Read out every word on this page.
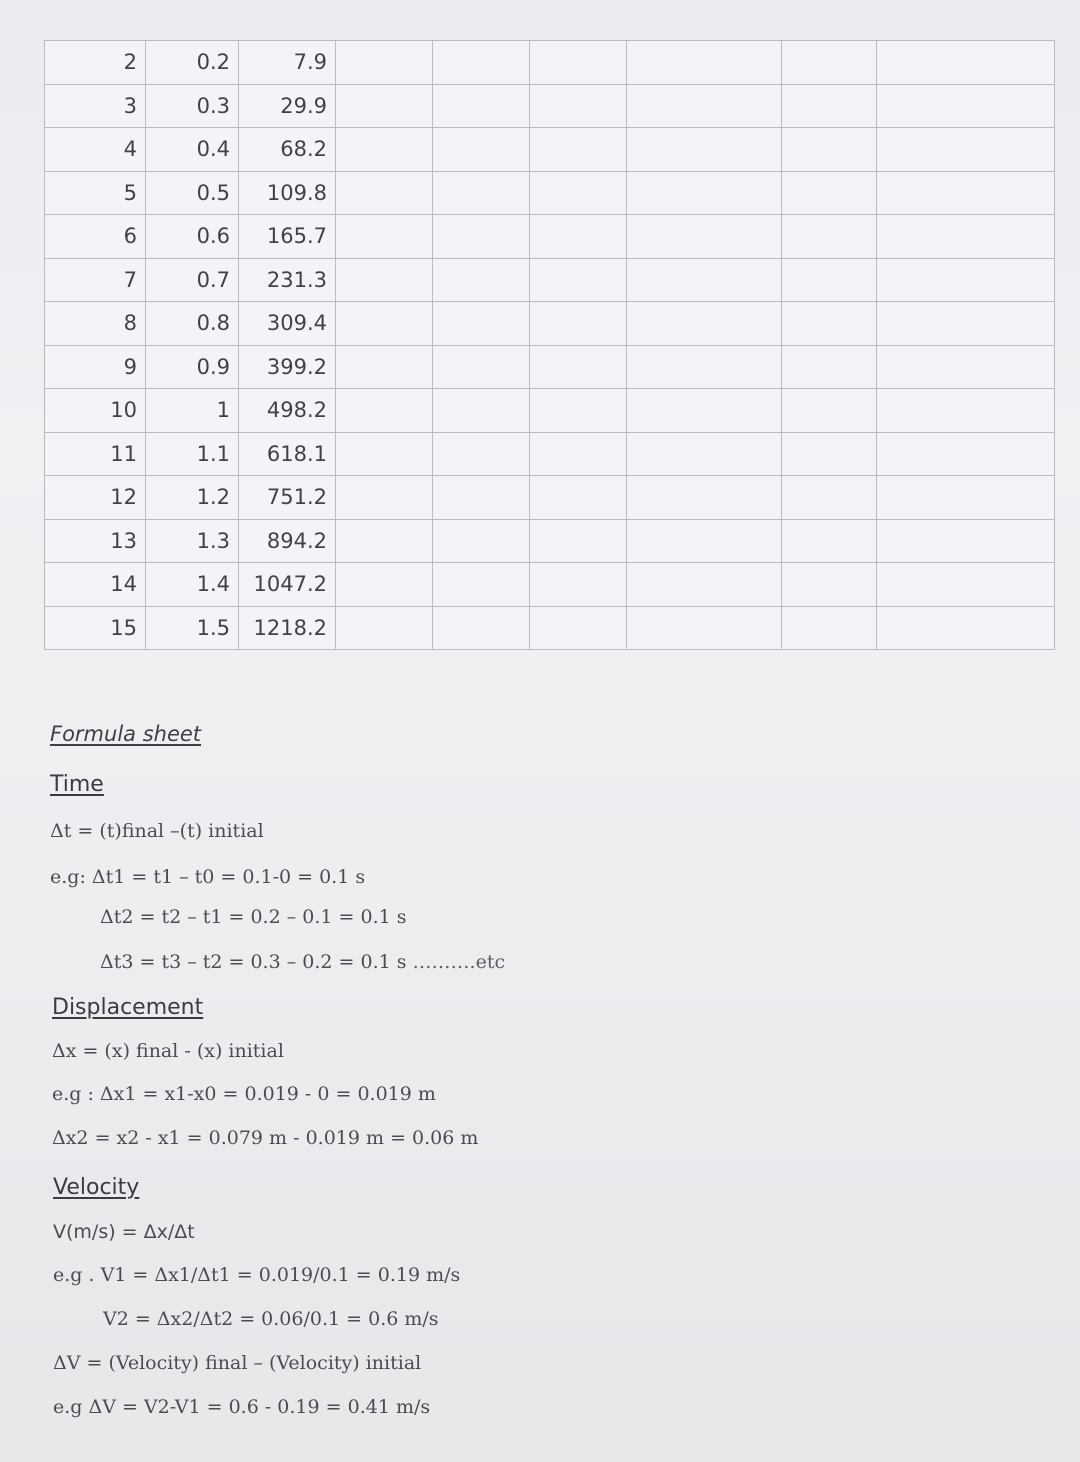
2	0.2	7.9						
3	0.3	29.9						
4	0.4	68.2						
5	0.5	109.8						
6	0.6	165.7						
7	0.7	231.3						
8	0.8	309.4						
9	0.9	399.2						
10	1	498.2						
11	1.1	618.1						
12	1.2	751.2						
13	1.3	894.2						
14	1.4	1047.2						
15	1.5	1218.2						
Formula sheet
Time
Δt = (t)final –(t) initial
e.g: Δt1 = t1 – t0 = 0.1-0 = 0.1 s
Δt2 = t2 – t1 = 0.2 – 0.1 = 0.1 s
Δt3 = t3 – t2 = 0.3 – 0.2 = 0.1 s ……….etc
Displacement
Δx = (x) final - (x) initial
e.g : Δx1 = x1-x0 = 0.019 - 0 = 0.019 m
Δx2 = x2 - x1 = 0.079 m - 0.019 m = 0.06 m
Velocity
V(m/s) = Δx/Δt
e.g . V1 = Δx1/Δt1 = 0.019/0.1 = 0.19 m/s
V2 = Δx2/Δt2 = 0.06/0.1 = 0.6 m/s
ΔV = (Velocity) final – (Velocity) initial
e.g ΔV = V2-V1 = 0.6 - 0.19 = 0.41 m/s
